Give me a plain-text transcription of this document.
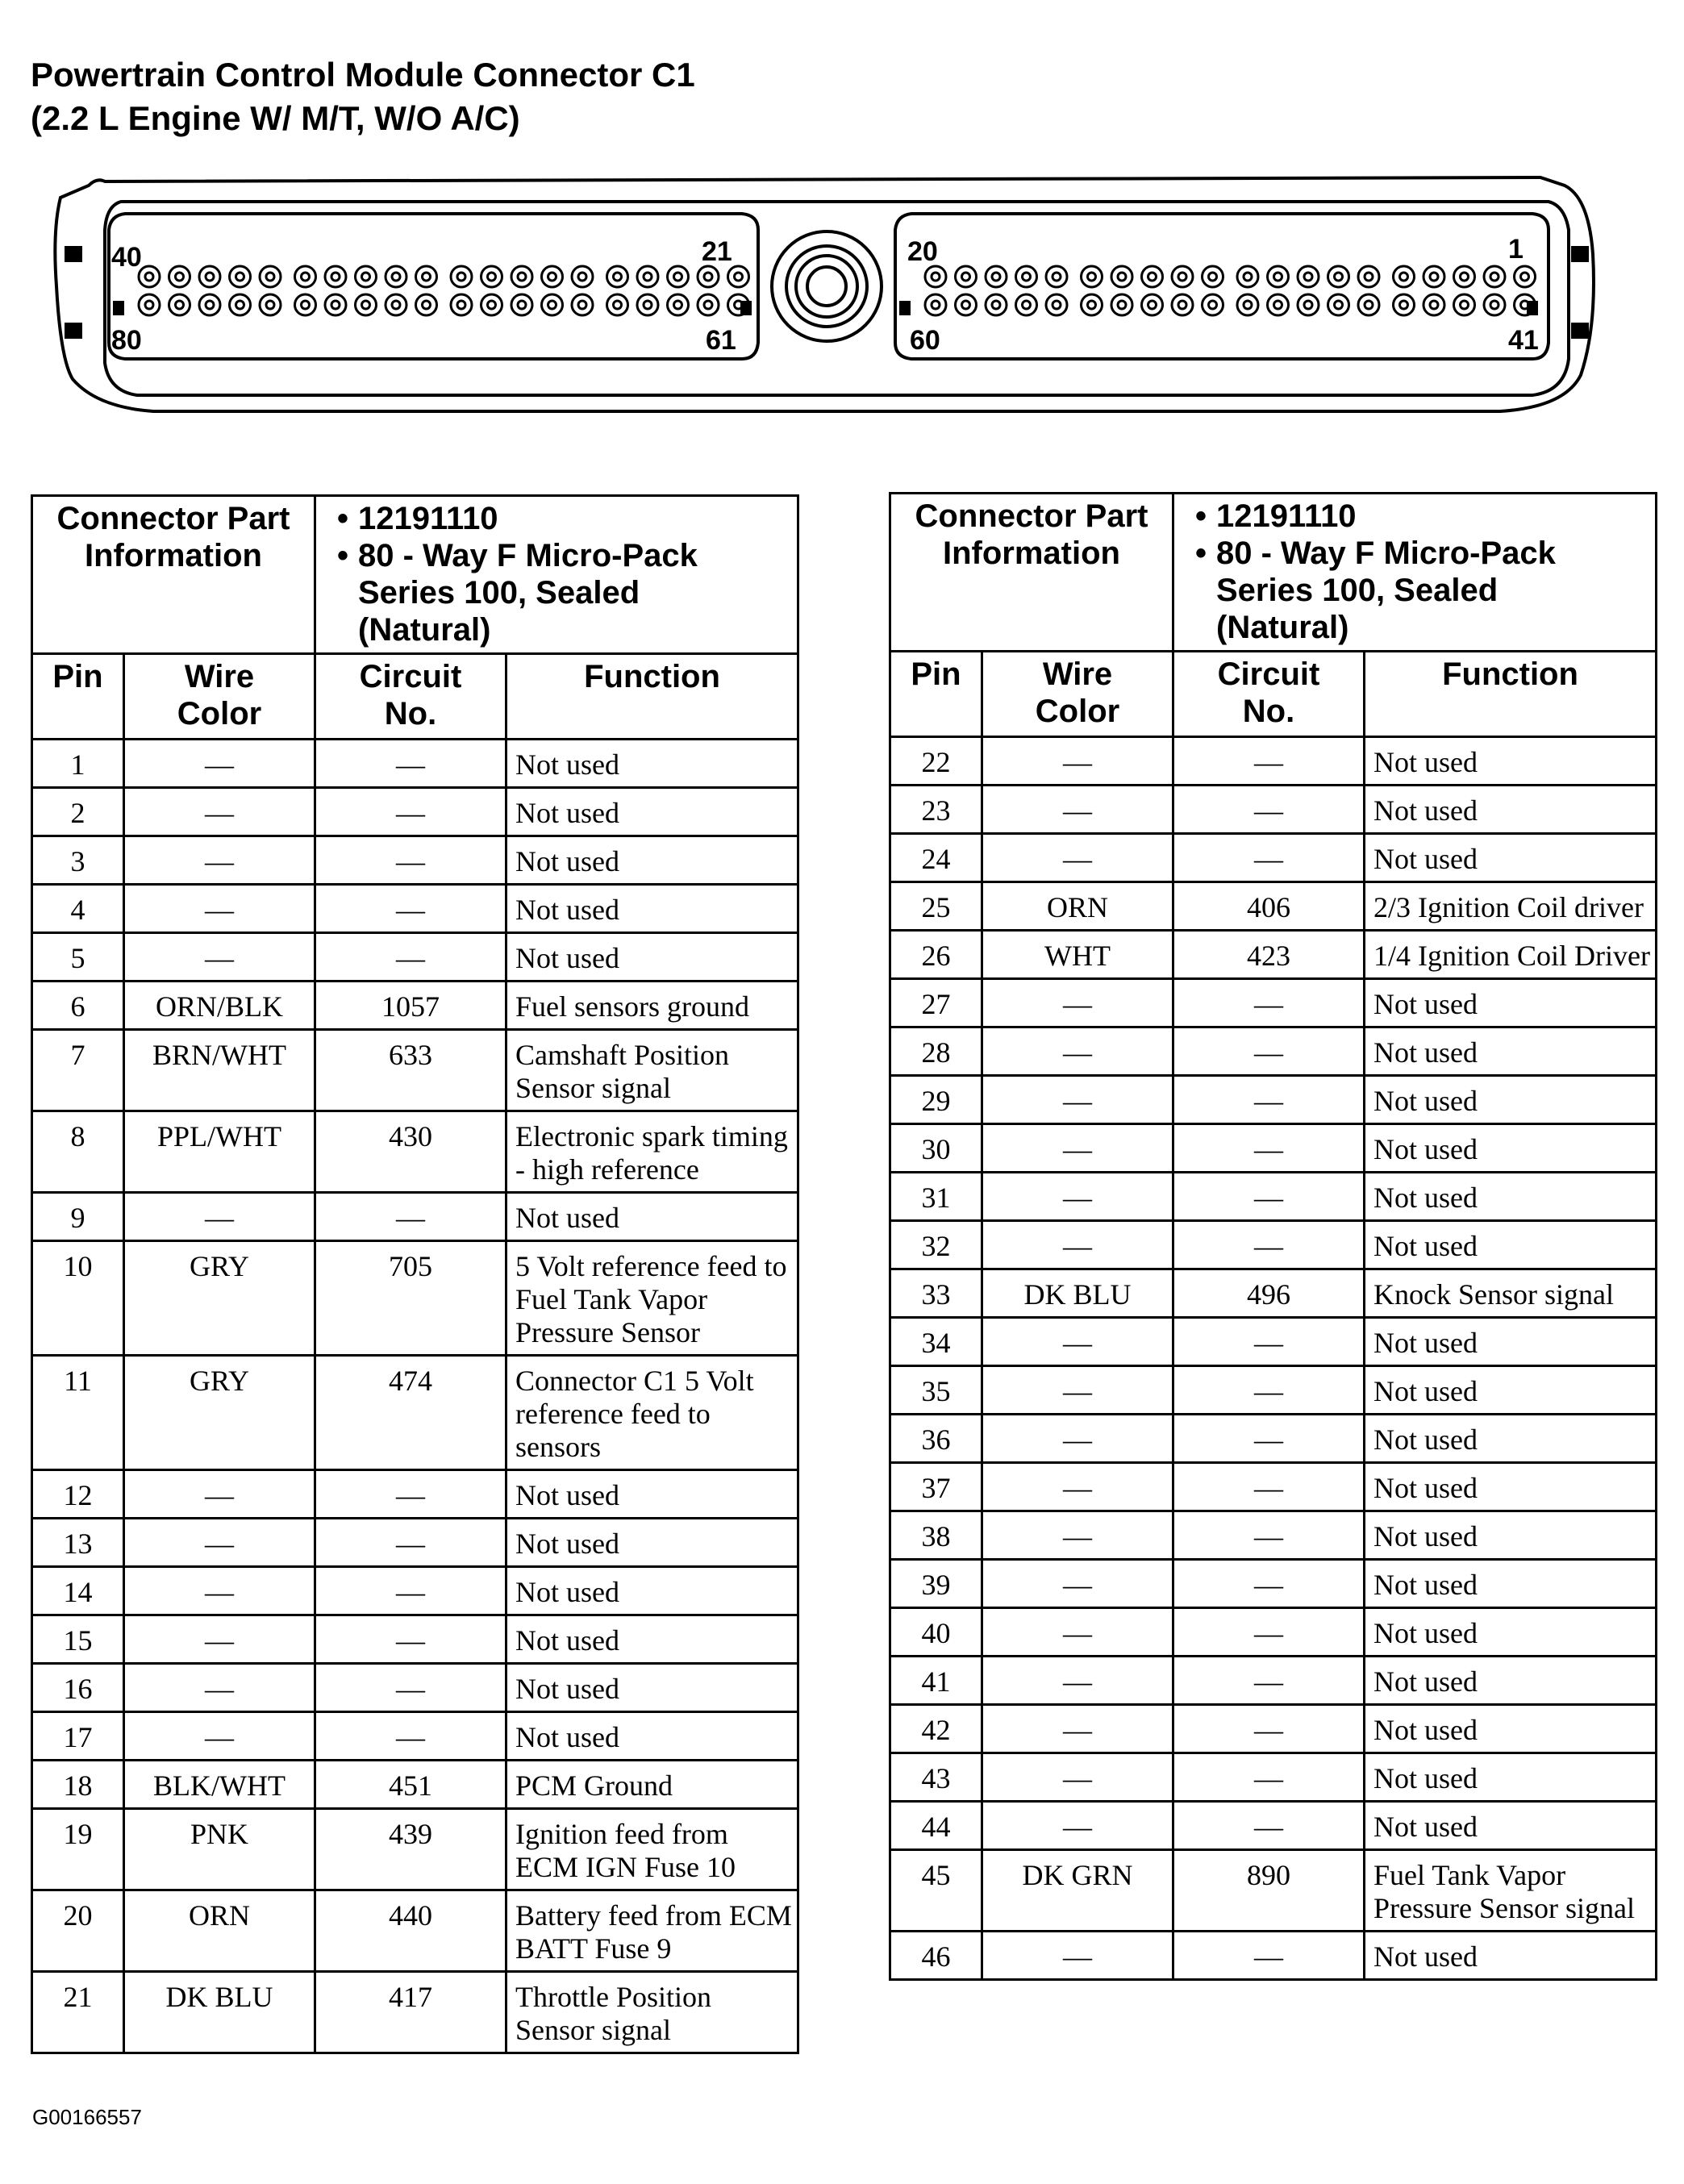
Powertrain Control Module Connector C1
(2.2 L Engine W/ M/T, W/O A/C)
40	21
80	61
20	1
60	41
Connector Part Information		• 12191110
• 80 - Way F Micro-Pack
Series 100, Sealed
(Natural)

Pin	Wire Color	Circuit No.	Function
1	—	—	Not used
2	—	—	Not used
3	—	—	Not used
4	—	—	Not used
5	—	—	Not used
6	ORN/BLK	1057	Fuel sensors ground
7	BRN/WHT	633	Camshaft Position Sensor signal
8	PPL/WHT	430	Electronic spark timing - high reference
9	—	—	Not used
10	GRY	705	5 Volt reference feed to Fuel Tank Vapor Pressure Sensor
11	GRY	474	Connector C1 5 Volt reference feed to sensors
12	—	—	Not used
13	—	—	Not used
14	—	—	Not used
15	—	—	Not used
16	—	—	Not used
17	—	—	Not used
18	BLK/WHT	451	PCM Ground
19	PNK	439	Ignition feed from ECM IGN Fuse 10
20	ORN	440	Battery feed from ECM BATT Fuse 9
21	DK BLU	417	Throttle Position Sensor signal
Connector Part Information		• 12191110
• 80 - Way F Micro-Pack
Series 100, Sealed
(Natural)

Pin	Wire Color	Circuit No.	Function
22	—	—	Not used
23	—	—	Not used
24	—	—	Not used
25	ORN	406	2/3 Ignition Coil driver
26	WHT	423	1/4 Ignition Coil Driver
27	—	—	Not used
28	—	—	Not used
29	—	—	Not used
30	—	—	Not used
31	—	—	Not used
32	—	—	Not used
33	DK BLU	496	Knock Sensor signal
34	—	—	Not used
35	—	—	Not used
36	—	—	Not used
37	—	—	Not used
38	—	—	Not used
39	—	—	Not used
40	—	—	Not used
41	—	—	Not used
42	—	—	Not used
43	—	—	Not used
44	—	—	Not used
45	DK GRN	890	Fuel Tank Vapor Pressure Sensor signal
46	—	—	Not used
G00166557
